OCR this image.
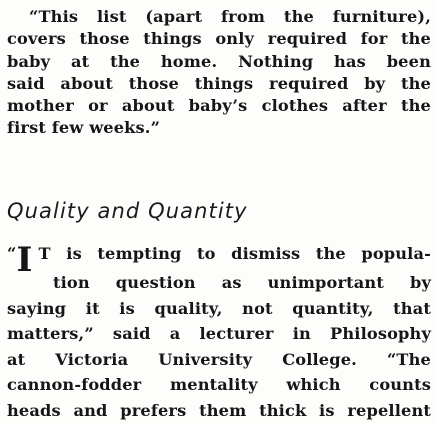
“This list (apart from the furniture),
covers those things only required for the
baby at the home. Nothing has been
said about those things required by the
mother or about baby’s clothes after the
first few weeks.”
Quality and Quantity
“I T is tempting to dismiss the popula-
tion question as unimportant by
saying it is quality, not quantity, that
matters,” said a lecturer in Philosophy
at Victoria University College. “The
cannon-fodder mentality which counts
heads and prefers them thick is repellent
